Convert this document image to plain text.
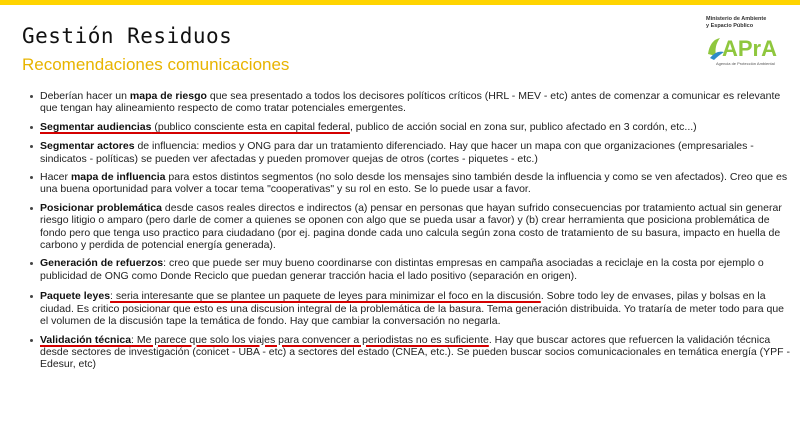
Gestión Residuos
Recomendaciones comunicaciones
Ministerio de Ambiente
y Espacio Público
APrA
Agencia de Protección Ambiental
Deberían hacer un mapa de riesgo que sea presentado a todos los decisores políticos críticos (HRL - MEV - etc) antes de comenzar a comunicar es relevante que tengan hay alineamiento respecto de como tratar potenciales emergentes.
Segmentar audiencias (publico consciente esta en capital federal, publico de acción social en zona sur, publico afectado en 3 cordón, etc...)
Segmentar actores de influencia: medios y ONG para dar un tratamiento diferenciado. Hay que hacer un mapa con que organizaciones (empresariales - sindicatos - políticas) se pueden ver afectadas y pueden promover quejas de otros (cortes - piquetes - etc.)
Hacer mapa de influencia para estos distintos segmentos (no solo desde los mensajes sino también desde la influencia y como se ven afectados). Creo que es una buena oportunidad para volver a tocar tema "cooperativas" y su rol en esto. Se lo puede usar a favor.
Posicionar problemática desde casos reales directos e indirectos (a) pensar en personas que hayan sufrido consecuencias por tratamiento actual sin generar riesgo litigio o amparo (pero darle de comer a quienes se oponen con algo que se pueda usar a favor) y (b) crear herramienta que posiciona problemática de fondo pero que tenga uso practico para ciudadano (por ej. pagina donde cada uno calcula según zona costo de tratamiento de su basura, impacto en huella de carbono y perdida de potencial energía generada).
Generación de refuerzos: creo que puede ser muy bueno coordinarse con distintas empresas en campaña asociadas a reciclaje en la costa por ejemplo o publicidad de ONG como Donde Reciclo que puedan generar tracción hacia el lado positivo (separación en origen).
Paquete leyes: seria interesante que se plantee un paquete de leyes para minimizar el foco en la discusión. Sobre todo ley de envases, pilas y bolsas en la ciudad. Es critico posicionar que esto es una discusion integral de la problemática de la basura. Tema generación distribuida. Yo trataría de meter todo para que el volumen de la discusión tape la temática de fondo. Hay que cambiar la conversación no negarla.
Validación técnica: Me parece que solo los viajes para convencer a periodistas no es suficiente. Hay que buscar actores que refuercen la validación técnica desde sectores de investigación (conicet - UBA - etc) a sectores del estado (CNEA, etc.). Se pueden buscar socios comunicacionales en temática energía (YPF - Edesur, etc)
